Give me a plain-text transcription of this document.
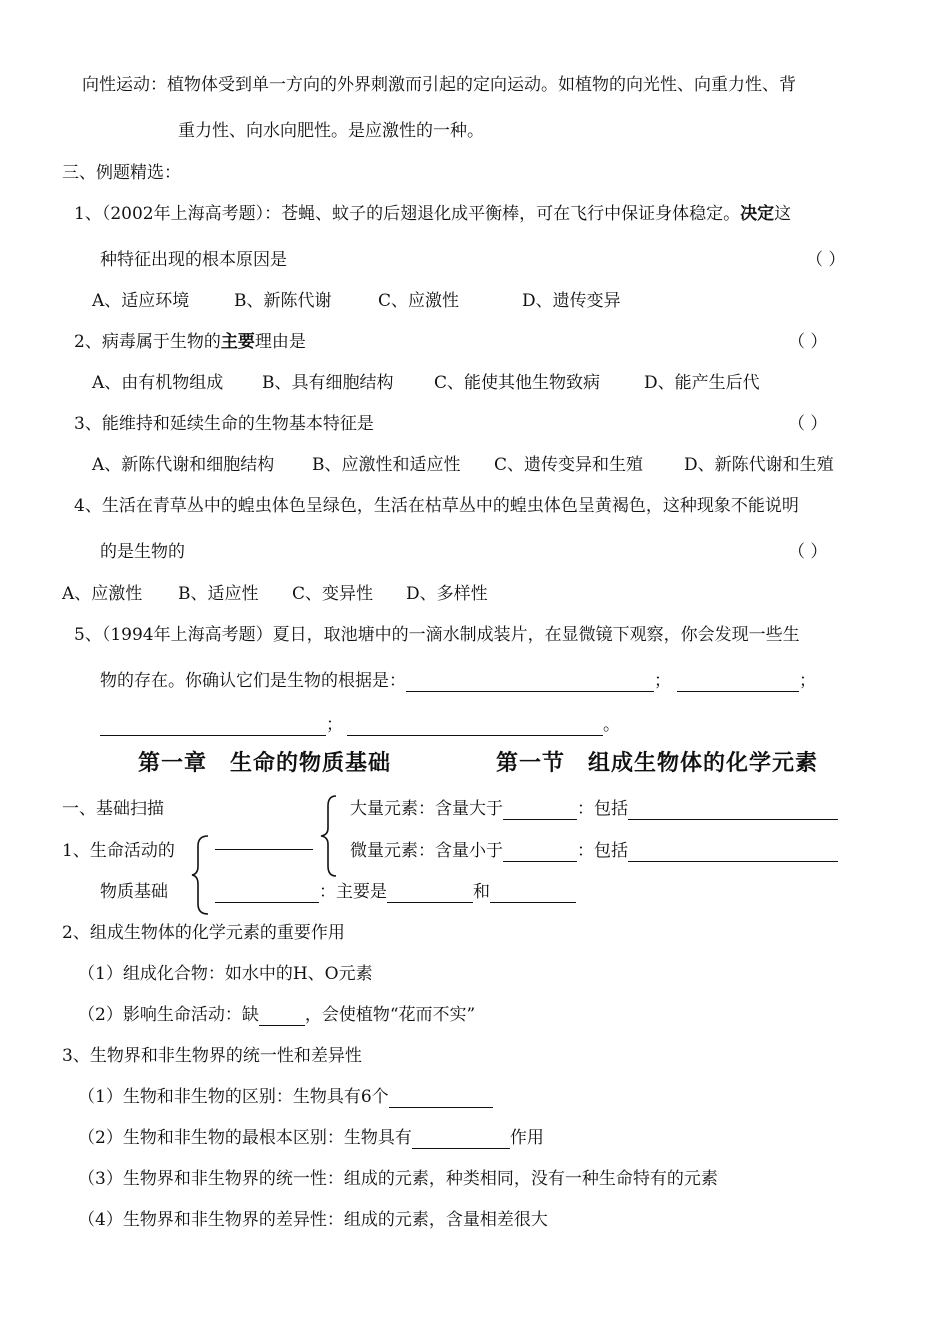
向性运动：植物体受到单一方向的外界刺激而引起的定向运动。如植物的向光性、向重力性、背
重力性、向水向肥性。是应激性的一种。
三、例题精选：
1、（2002年上海高考题）：苍蝇、蚊子的后翅退化成平衡棒，可在飞行中保证身体稳定。决定这
种特征出现的根本原因是	（ ）
A、适应环境	B、新陈代谢	C、应激性	D、遗传变异
2、病毒属于生物的主要理由是	（ ）
A、由有机物组成 B、具有细胞结构 C、能使其他生物致病	D、能产生后代
3、能维持和延续生命的生物基本特征是	（ ）
A、新陈代谢和细胞结构 B、应激性和适应性 C、遗传变异和生殖 D、新陈代谢和生殖
4、生活在青草丛中的蝗虫体色呈绿色，生活在枯草丛中的蝗虫体色呈黄褐色，这种现象不能说明
的是生物的	（ ）
A、应激性 B、适应性 C、变异性 D、多样性
5、（1994年上海高考题）夏日，取池塘中的一滴水制成装片，在显微镜下观察，你会发现一些生
物的存在。你确认它们是生物的根据是：	；	；
；	。
第一章　生命的物质基础	第一节　组成生物体的化学元素
一、基础扫描	大量元素：含量大于	：包括
1、生命活动的
物质基础
微量元素：含量小于	：包括
：主要是	和
2、组成生物体的化学元素的重要作用
（1）组成化合物：如水中的H、O元素
（2）影响生命活动：缺	，会使植物“花而不实”
3、生物界和非生物界的统一性和差异性
（1）生物和非生物的区别：生物具有6个
（2）生物和非生物的最根本区别：生物具有	作用
（3）生物界和非生物界的统一性：组成的元素，种类相同，没有一种生命特有的元素
（4）生物界和非生物界的差异性：组成的元素，含量相差很大
